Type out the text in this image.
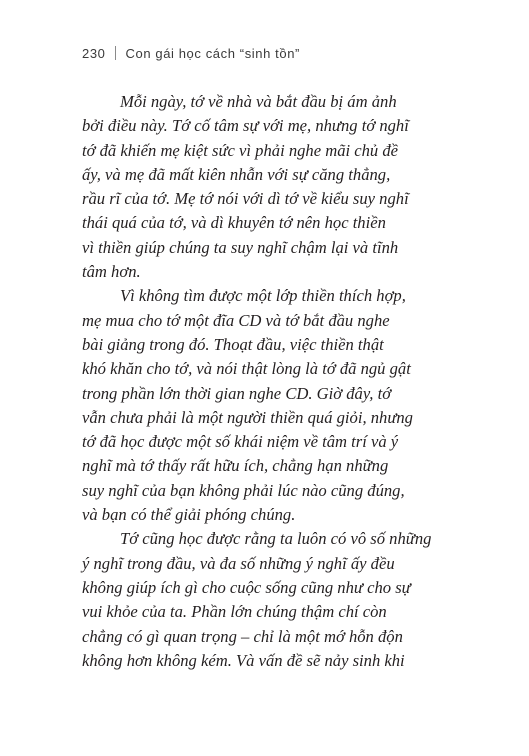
230 Con gái học cách “sinh tồn”
Mỗi ngày, tớ về nhà và bắt đầu bị ám ảnh
bởi điều này. Tớ cố tâm sự với mẹ, nhưng tớ nghĩ
tớ đã khiến mẹ kiệt sức vì phải nghe mãi chủ đề
ấy, và mẹ đã mất kiên nhẫn với sự căng thẳng,
rầu rĩ của tớ. Mẹ tớ nói với dì tớ về kiểu suy nghĩ
thái quá của tớ, và dì khuyên tớ nên học thiền
vì thiền giúp chúng ta suy nghĩ chậm lại và tĩnh
tâm hơn.
Vì không tìm được một lớp thiền thích hợp,
mẹ mua cho tớ một đĩa CD và tớ bắt đầu nghe
bài giảng trong đó. Thoạt đầu, việc thiền thật
khó khăn cho tớ, và nói thật lòng là tớ đã ngủ gật
trong phần lớn thời gian nghe CD. Giờ đây, tớ
vẫn chưa phải là một người thiền quá giỏi, nhưng
tớ đã học được một số khái niệm về tâm trí và ý
nghĩ mà tớ thấy rất hữu ích, chẳng hạn những
suy nghĩ của bạn không phải lúc nào cũng đúng,
và bạn có thể giải phóng chúng.
Tớ cũng học được rằng ta luôn có vô số những
ý nghĩ trong đầu, và đa số những ý nghĩ ấy đều
không giúp ích gì cho cuộc sống cũng như cho sự
vui khỏe của ta. Phần lớn chúng thậm chí còn
chẳng có gì quan trọng – chỉ là một mớ hỗn độn
không hơn không kém. Và vấn đề sẽ nảy sinh khi
